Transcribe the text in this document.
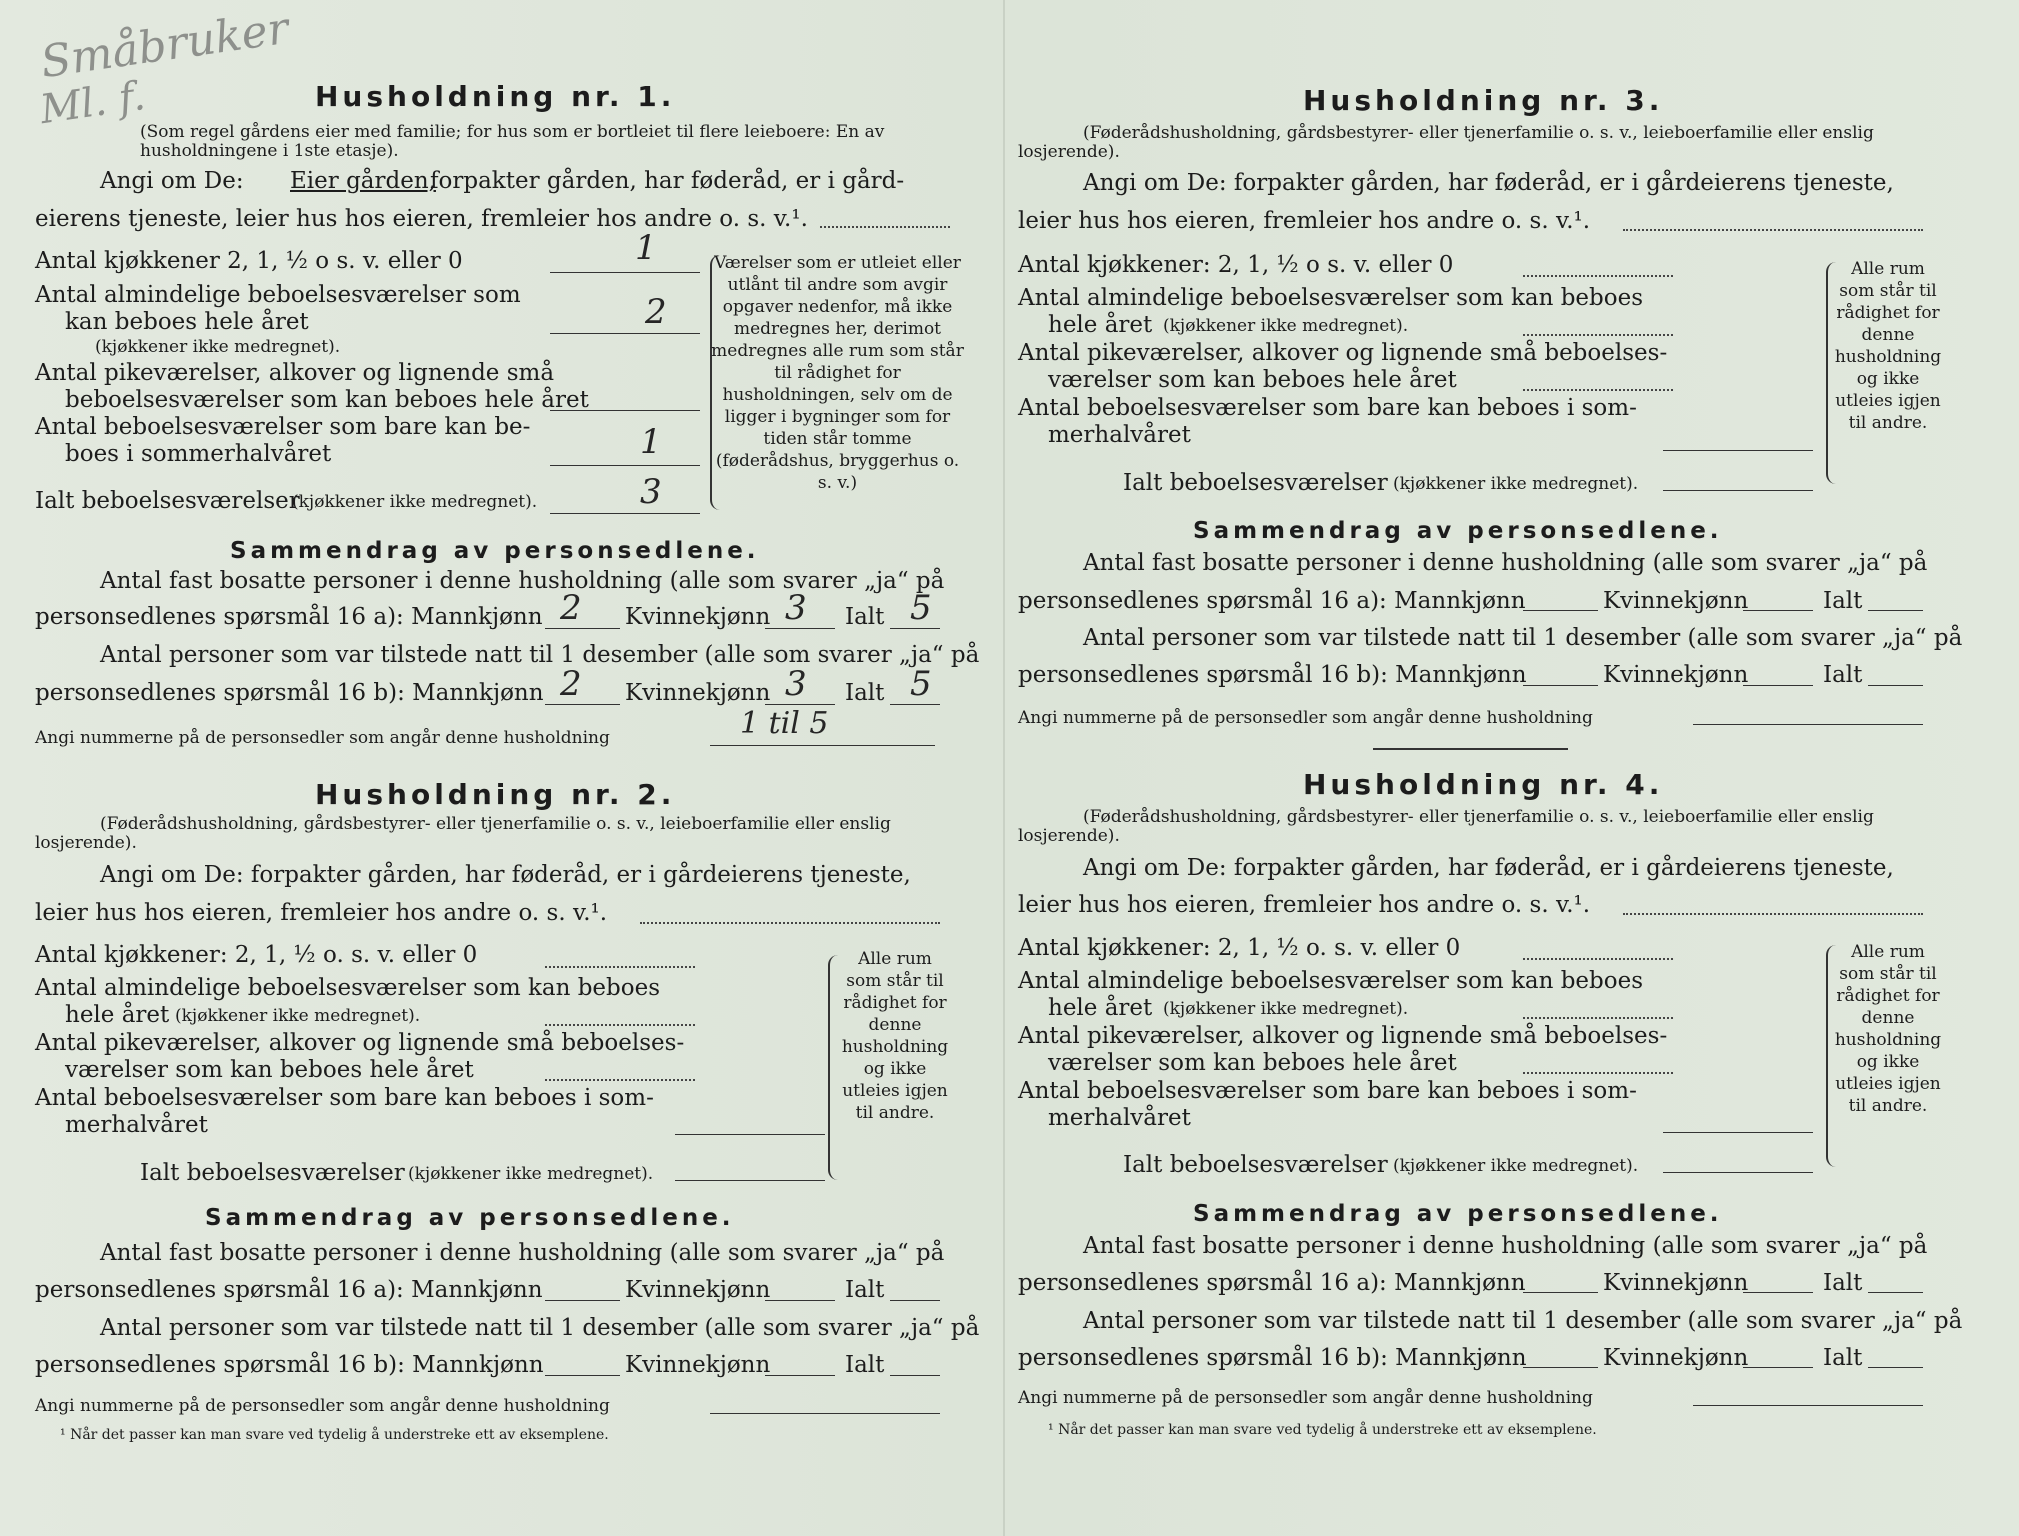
Småbruker
Ml. f.	Husholdning nr. 1.
(Som regel gårdens eier med familie; for hus som er bortleiet til flere leieboere: En av husholdningene i 1ste etasje).
Angi om De: Eier gården,
forpakter gården, har føderåd, er i gård-
eierens tjeneste, leier hus hos eieren, fremleier hos andre o. s. v.¹.
Antal kjøkkener 2, 1, ½ o s. v. eller 0	1
Antal almindelige beboelsesværelser som
kan beboes hele året
(kjøkkener ikke medregnet).
2
Antal pikeværelser, alkover og lignende små
beboelsesværelser som kan beboes hele året
Antal beboelsesværelser som bare kan be-
boes i sommerhalvåret	1
Ialt beboelsesværelser
(kjøkkener ikke medregnet).	3
Værelser som er utleiet eller utlånt til andre som avgir opgaver nedenfor, må ikke medregnes her, derimot medregnes alle rum som står til rådighet for husholdningen, selv om de ligger i bygninger som for tiden står tomme (føderådshus, bryggerhus o. s. v.)
Sammendrag av personsedlene.
Antal fast bosatte personer i denne husholdning (alle som svarer „ja“ på
personsedlenes spørsmål 16 a): Mannkjønn 2 Kvinnekjønn 3 Ialt 5
Antal personer som var tilstede natt til 1 desember (alle som svarer „ja“ på
personsedlenes spørsmål 16 b): Mannkjønn 2 Kvinnekjønn 3 Ialt 5
Angi nummerne på de personsedler som angår denne husholdning	1 til 5
Husholdning nr. 2.
(Føderådshusholdning, gårdsbestyrer- eller tjenerfamilie o. s. v., leieboerfamilie eller enslig losjerende).
Angi om De: forpakter gården, har føderåd, er i gårdeierens tjeneste,
leier hus hos eieren, fremleier hos andre o. s. v.¹.
Antal kjøkkener: 2, 1, ½ o. s. v. eller 0
Antal almindelige beboelsesværelser som kan beboes
hele året (kjøkkener ikke medregnet).
Antal pikeværelser, alkover og lignende små beboelses-
værelser som kan beboes hele året
Antal beboelsesværelser som bare kan beboes i som-
merhalvåret
Ialt beboelsesværelser (kjøkkener ikke medregnet).
Alle rum som står til rådighet for denne husholdning og ikke utleies igjen til andre.
Sammendrag av personsedlene.
Antal fast bosatte personer i denne husholdning (alle som svarer „ja“ på
personsedlenes spørsmål 16 a): Mannkjønn	Kvinnekjønn	Ialt
Antal personer som var tilstede natt til 1 desember (alle som svarer „ja“ på
personsedlenes spørsmål 16 b): Mannkjønn	Kvinnekjønn	Ialt
Angi nummerne på de personsedler som angår denne husholdning
¹ Når det passer kan man svare ved tydelig å understreke ett av eksemplene.
Husholdning nr. 3.
(Føderådshusholdning, gårdsbestyrer- eller tjenerfamilie o. s. v., leieboerfamilie eller enslig losjerende).
Angi om De: forpakter gården, har føderåd, er i gårdeierens tjeneste,
leier hus hos eieren, fremleier hos andre o. s. v.¹.
Antal kjøkkener: 2, 1, ½ o s. v. eller 0
Antal almindelige beboelsesværelser som kan beboes
hele året (kjøkkener ikke medregnet).
Antal pikeværelser, alkover og lignende små beboelses-
værelser som kan beboes hele året
Antal beboelsesværelser som bare kan beboes i som-
merhalvåret
Ialt beboelsesværelser (kjøkkener ikke medregnet).
Alle rum som står til rådighet for denne husholdning og ikke utleies igjen til andre.
Sammendrag av personsedlene.
Antal fast bosatte personer i denne husholdning (alle som svarer „ja“ på
personsedlenes spørsmål 16 a): Mannkjønn	Kvinnekjønn	Ialt
Antal personer som var tilstede natt til 1 desember (alle som svarer „ja“ på
personsedlenes spørsmål 16 b): Mannkjønn	Kvinnekjønn	Ialt
Angi nummerne på de personsedler som angår denne husholdning
Husholdning nr. 4.
(Føderådshusholdning, gårdsbestyrer- eller tjenerfamilie o. s. v., leieboerfamilie eller enslig losjerende).
Angi om De: forpakter gården, har føderåd, er i gårdeierens tjeneste,
leier hus hos eieren, fremleier hos andre o. s. v.¹.
Antal kjøkkener: 2, 1, ½ o. s. v. eller 0
Antal almindelige beboelsesværelser som kan beboes
hele året (kjøkkener ikke medregnet).
Antal pikeværelser, alkover og lignende små beboelses-
værelser som kan beboes hele året
Antal beboelsesværelser som bare kan beboes i som-
merhalvåret
Ialt beboelsesværelser (kjøkkener ikke medregnet).
Alle rum som står til rådighet for denne husholdning og ikke utleies igjen til andre.
Sammendrag av personsedlene.
Antal fast bosatte personer i denne husholdning (alle som svarer „ja“ på
personsedlenes spørsmål 16 a): Mannkjønn	Kvinnekjønn	Ialt
Antal personer som var tilstede natt til 1 desember (alle som svarer „ja“ på
personsedlenes spørsmål 16 b): Mannkjønn	Kvinnekjønn	Ialt
Angi nummerne på de personsedler som angår denne husholdning
¹ Når det passer kan man svare ved tydelig å understreke ett av eksemplene.
